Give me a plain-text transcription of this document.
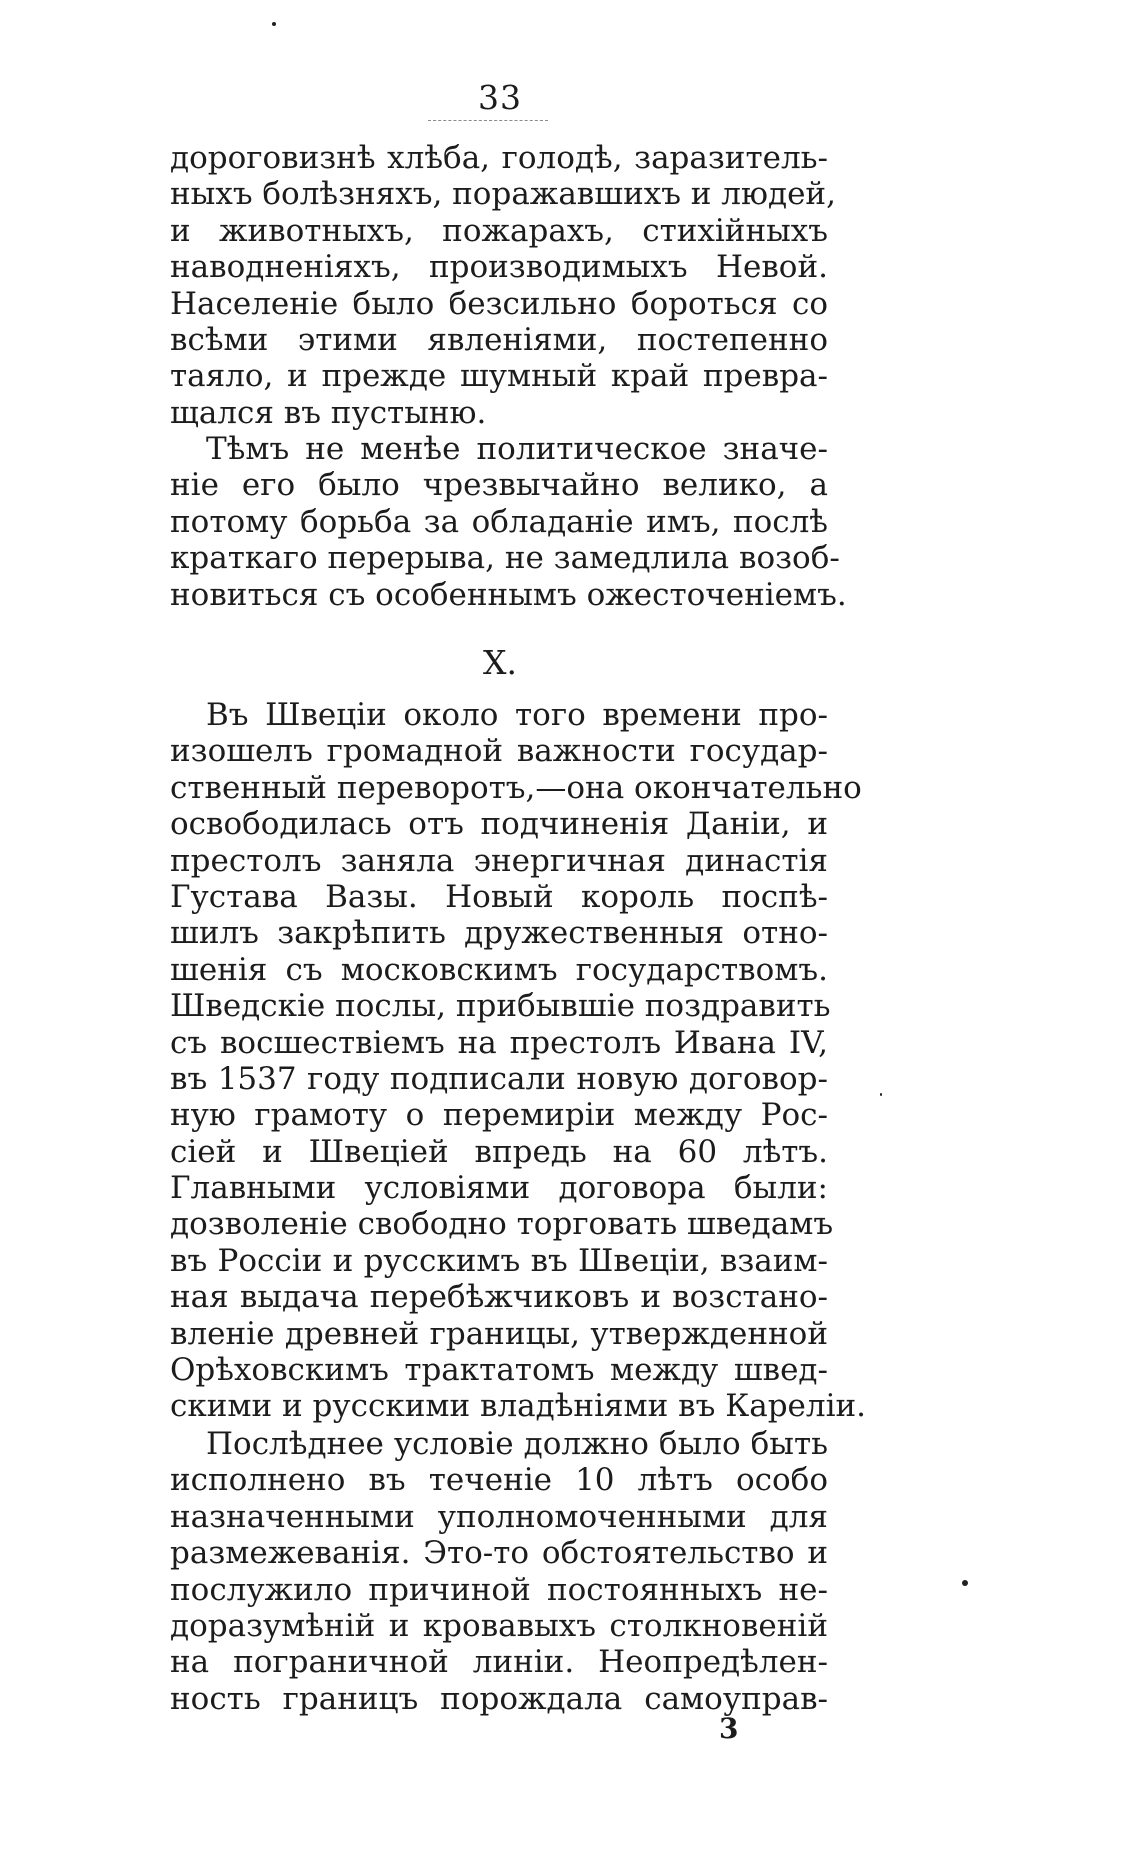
33
дороговизнѣ хлѣба, голодѣ, заразитель-
ныхъ болѣзняхъ, поражавшихъ и людей,
и животныхъ, пожарахъ, стихійныхъ
наводненіяхъ, производимыхъ Невой.
Населеніе было безсильно бороться со
всѣми этими явленіями, постепенно
таяло, и прежде шумный край превра-
щался въ пустыню.
Тѣмъ не менѣе политическое значе-
ніе его было чрезвычайно велико, а
потому борьба за обладаніе имъ, послѣ
краткаго перерыва, не замедлила возоб-
новиться съ особеннымъ ожесточеніемъ.
X.
Въ Швеціи около того времени про-
изошелъ громадной важности государ-
ственный переворотъ,—она окончательно
освободилась отъ подчиненія Даніи, и
престолъ заняла энергичная династія
Густава Вазы. Новый король поспѣ-
шилъ закрѣпить дружественныя отно-
шенія съ московскимъ государствомъ.
Шведскіе послы, прибывшіе поздравить
съ восшествіемъ на престолъ Ивана IV,
въ 1537 году подписали новую договор-
ную грамоту о перемиріи между Рос-
сіей и Швеціей впредь на 60 лѣтъ.
Главными условіями договора были:
дозволеніе свободно торговать шведамъ
въ Россіи и русскимъ въ Швеціи, взаим-
ная выдача перебѣжчиковъ и возстано-
вленіе древней границы, утвержденной
Орѣховскимъ трактатомъ между швед-
скими и русскими владѣніями въ Кареліи.
Послѣднее условіе должно было быть
исполнено въ теченіе 10 лѣтъ особо
назначенными уполномоченными для
размежеванія. Это-то обстоятельство и
послужило причиной постоянныхъ не-
доразумѣній и кровавыхъ столкновеній
на пограничной линіи. Неопредѣлен-
ность границъ порождала самоуправ-
3
